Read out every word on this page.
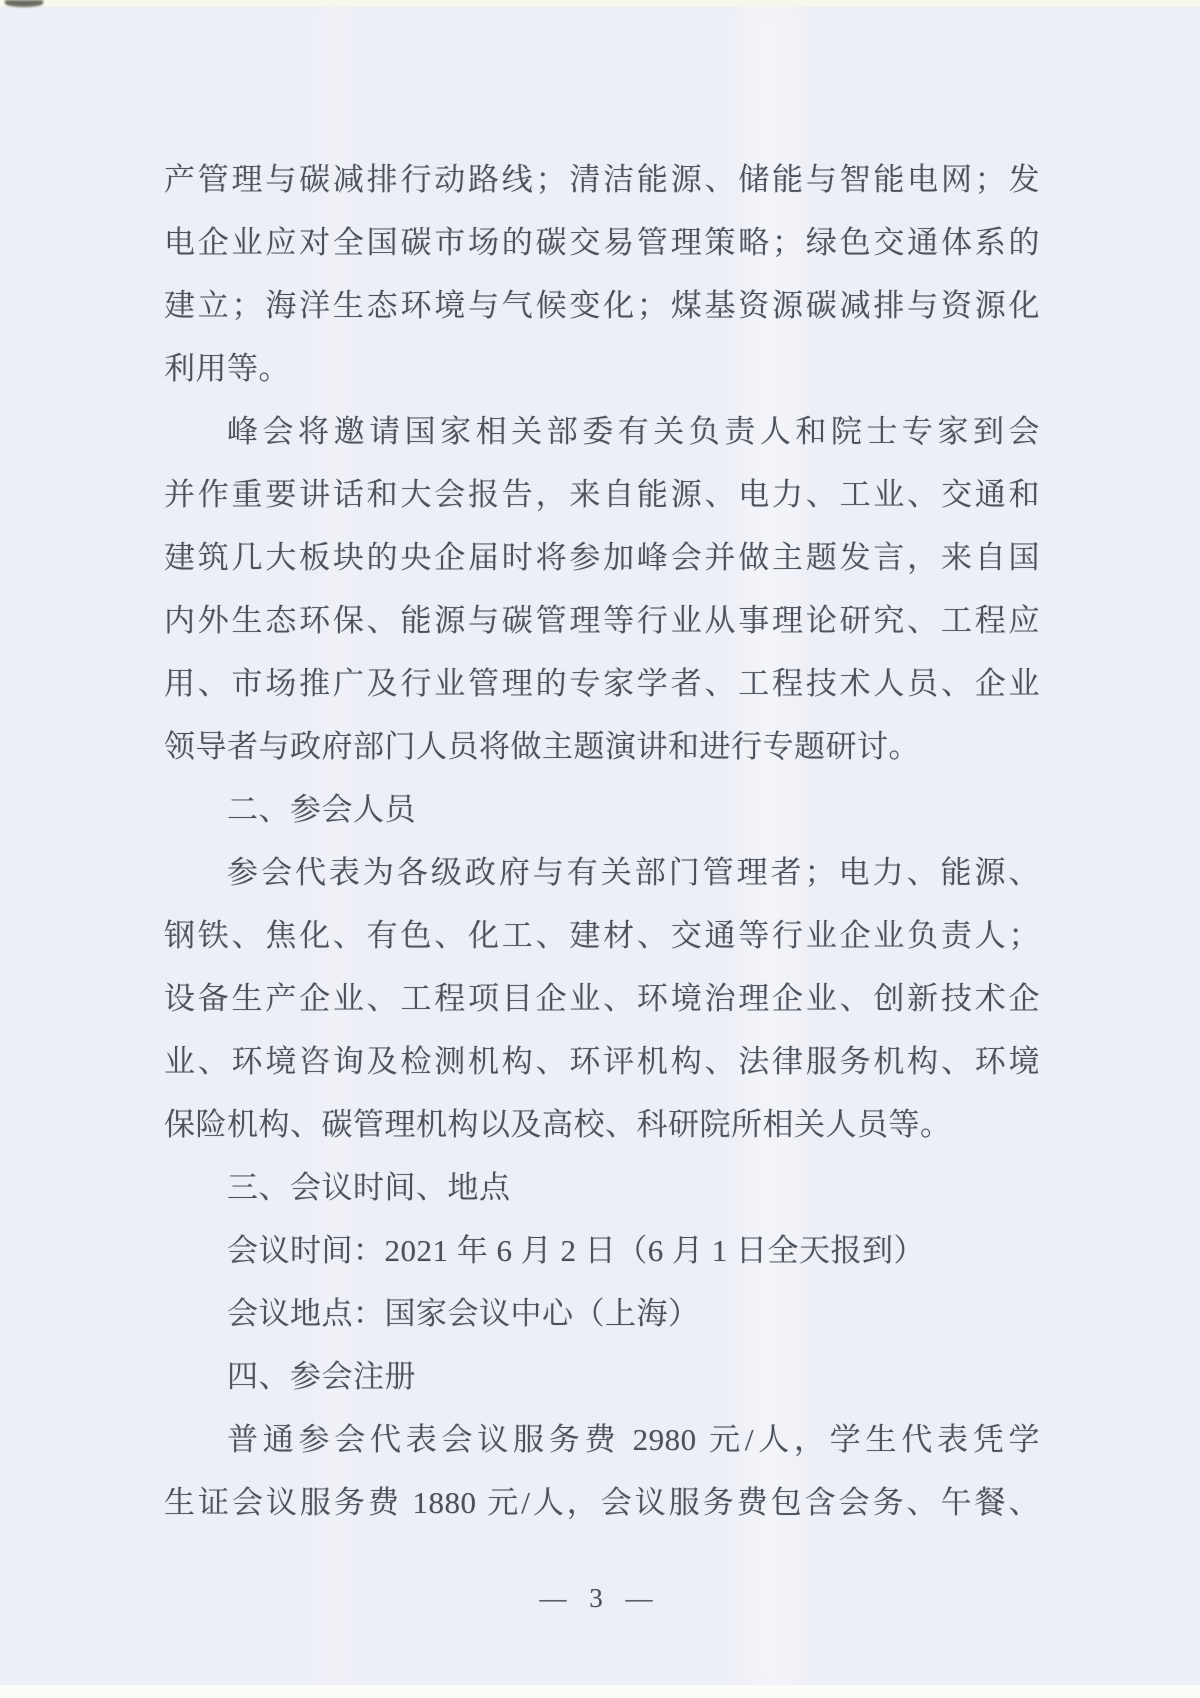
产管理与碳减排行动路线；清洁能源、储能与智能电网；发
电企业应对全国碳市场的碳交易管理策略；绿色交通体系的
建立；海洋生态环境与气候变化；煤基资源碳减排与资源化
利用等。
峰会将邀请国家相关部委有关负责人和院士专家到会
并作重要讲话和大会报告，来自能源、电力、工业、交通和
建筑几大板块的央企届时将参加峰会并做主题发言，来自国
内外生态环保、能源与碳管理等行业从事理论研究、工程应
用、市场推广及行业管理的专家学者、工程技术人员、企业
领导者与政府部门人员将做主题演讲和进行专题研讨。
二、参会人员
参会代表为各级政府与有关部门管理者；电力、能源、
钢铁、焦化、有色、化工、建材、交通等行业企业负责人；
设备生产企业、工程项目企业、环境治理企业、创新技术企
业、环境咨询及检测机构、环评机构、法律服务机构、环境
保险机构、碳管理机构以及高校、科研院所相关人员等。
三、会议时间、地点
会议时间：2021 年 6 月 2 日（6 月 1 日全天报到）
会议地点：国家会议中心（上海）
四、参会注册
普通参会代表会议服务费 2980 元/人，学生代表凭学
生证会议服务费 1880 元/人，会议服务费包含会务、午餐、
— 3 —
